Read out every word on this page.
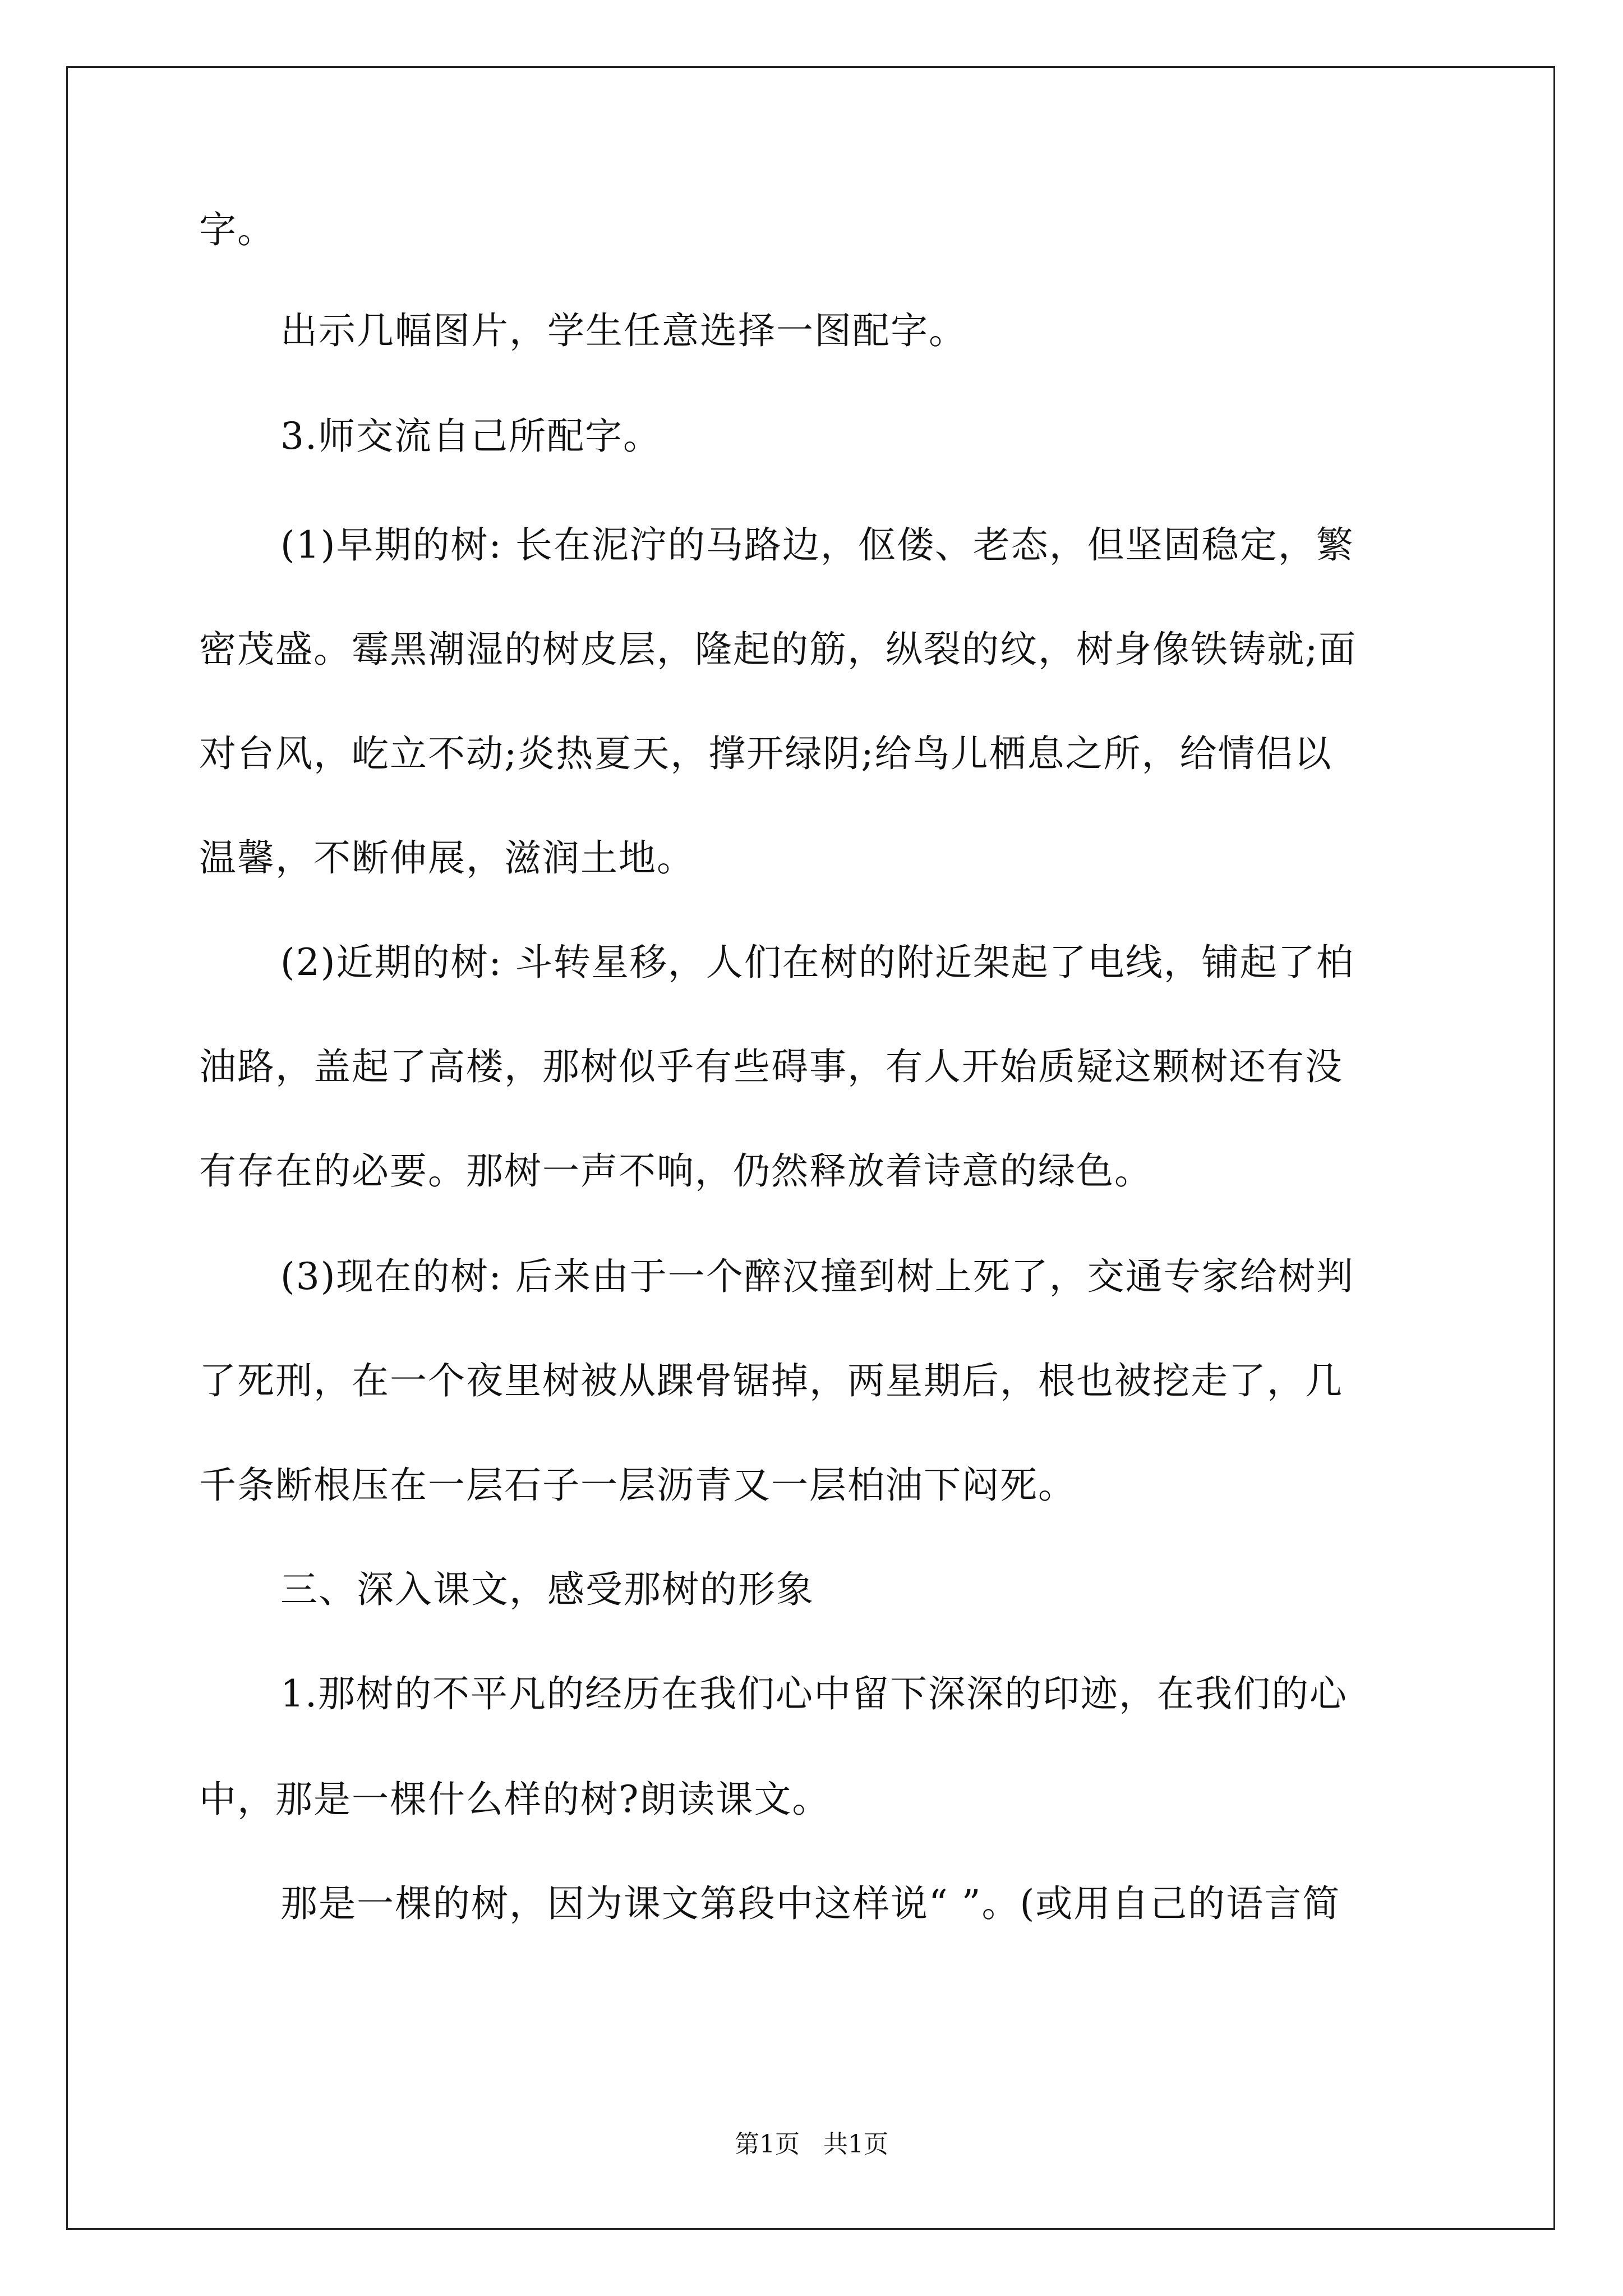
字。
出示几幅图片，学生任意选择一图配字。
3.师交流自己所配字。
(1)早期的树: 长在泥泞的马路边，伛偻、老态，但坚固稳定，繁
密茂盛。霉黑潮湿的树皮层，隆起的筋，纵裂的纹，树身像铁铸就;面
对台风，屹立不动;炎热夏天，撑开绿阴;给鸟儿栖息之所，给情侣以
温馨，不断伸展，滋润土地。
(2)近期的树: 斗转星移，人们在树的附近架起了电线，铺起了柏
油路，盖起了高楼，那树似乎有些碍事，有人开始质疑这颗树还有没
有存在的必要。那树一声不响，仍然释放着诗意的绿色。
(3)现在的树: 后来由于一个醉汉撞到树上死了，交通专家给树判
了死刑，在一个夜里树被从踝骨锯掉，两星期后，根也被挖走了，几
千条断根压在一层石子一层沥青又一层柏油下闷死。
三、深入课文，感受那树的形象
1.那树的不平凡的经历在我们心中留下深深的印迹，在我们的心
中，那是一棵什么样的树?朗读课文。
那是一棵的树，因为课文第段中这样说“ ”。(或用自己的语言简
第1页   共1页
